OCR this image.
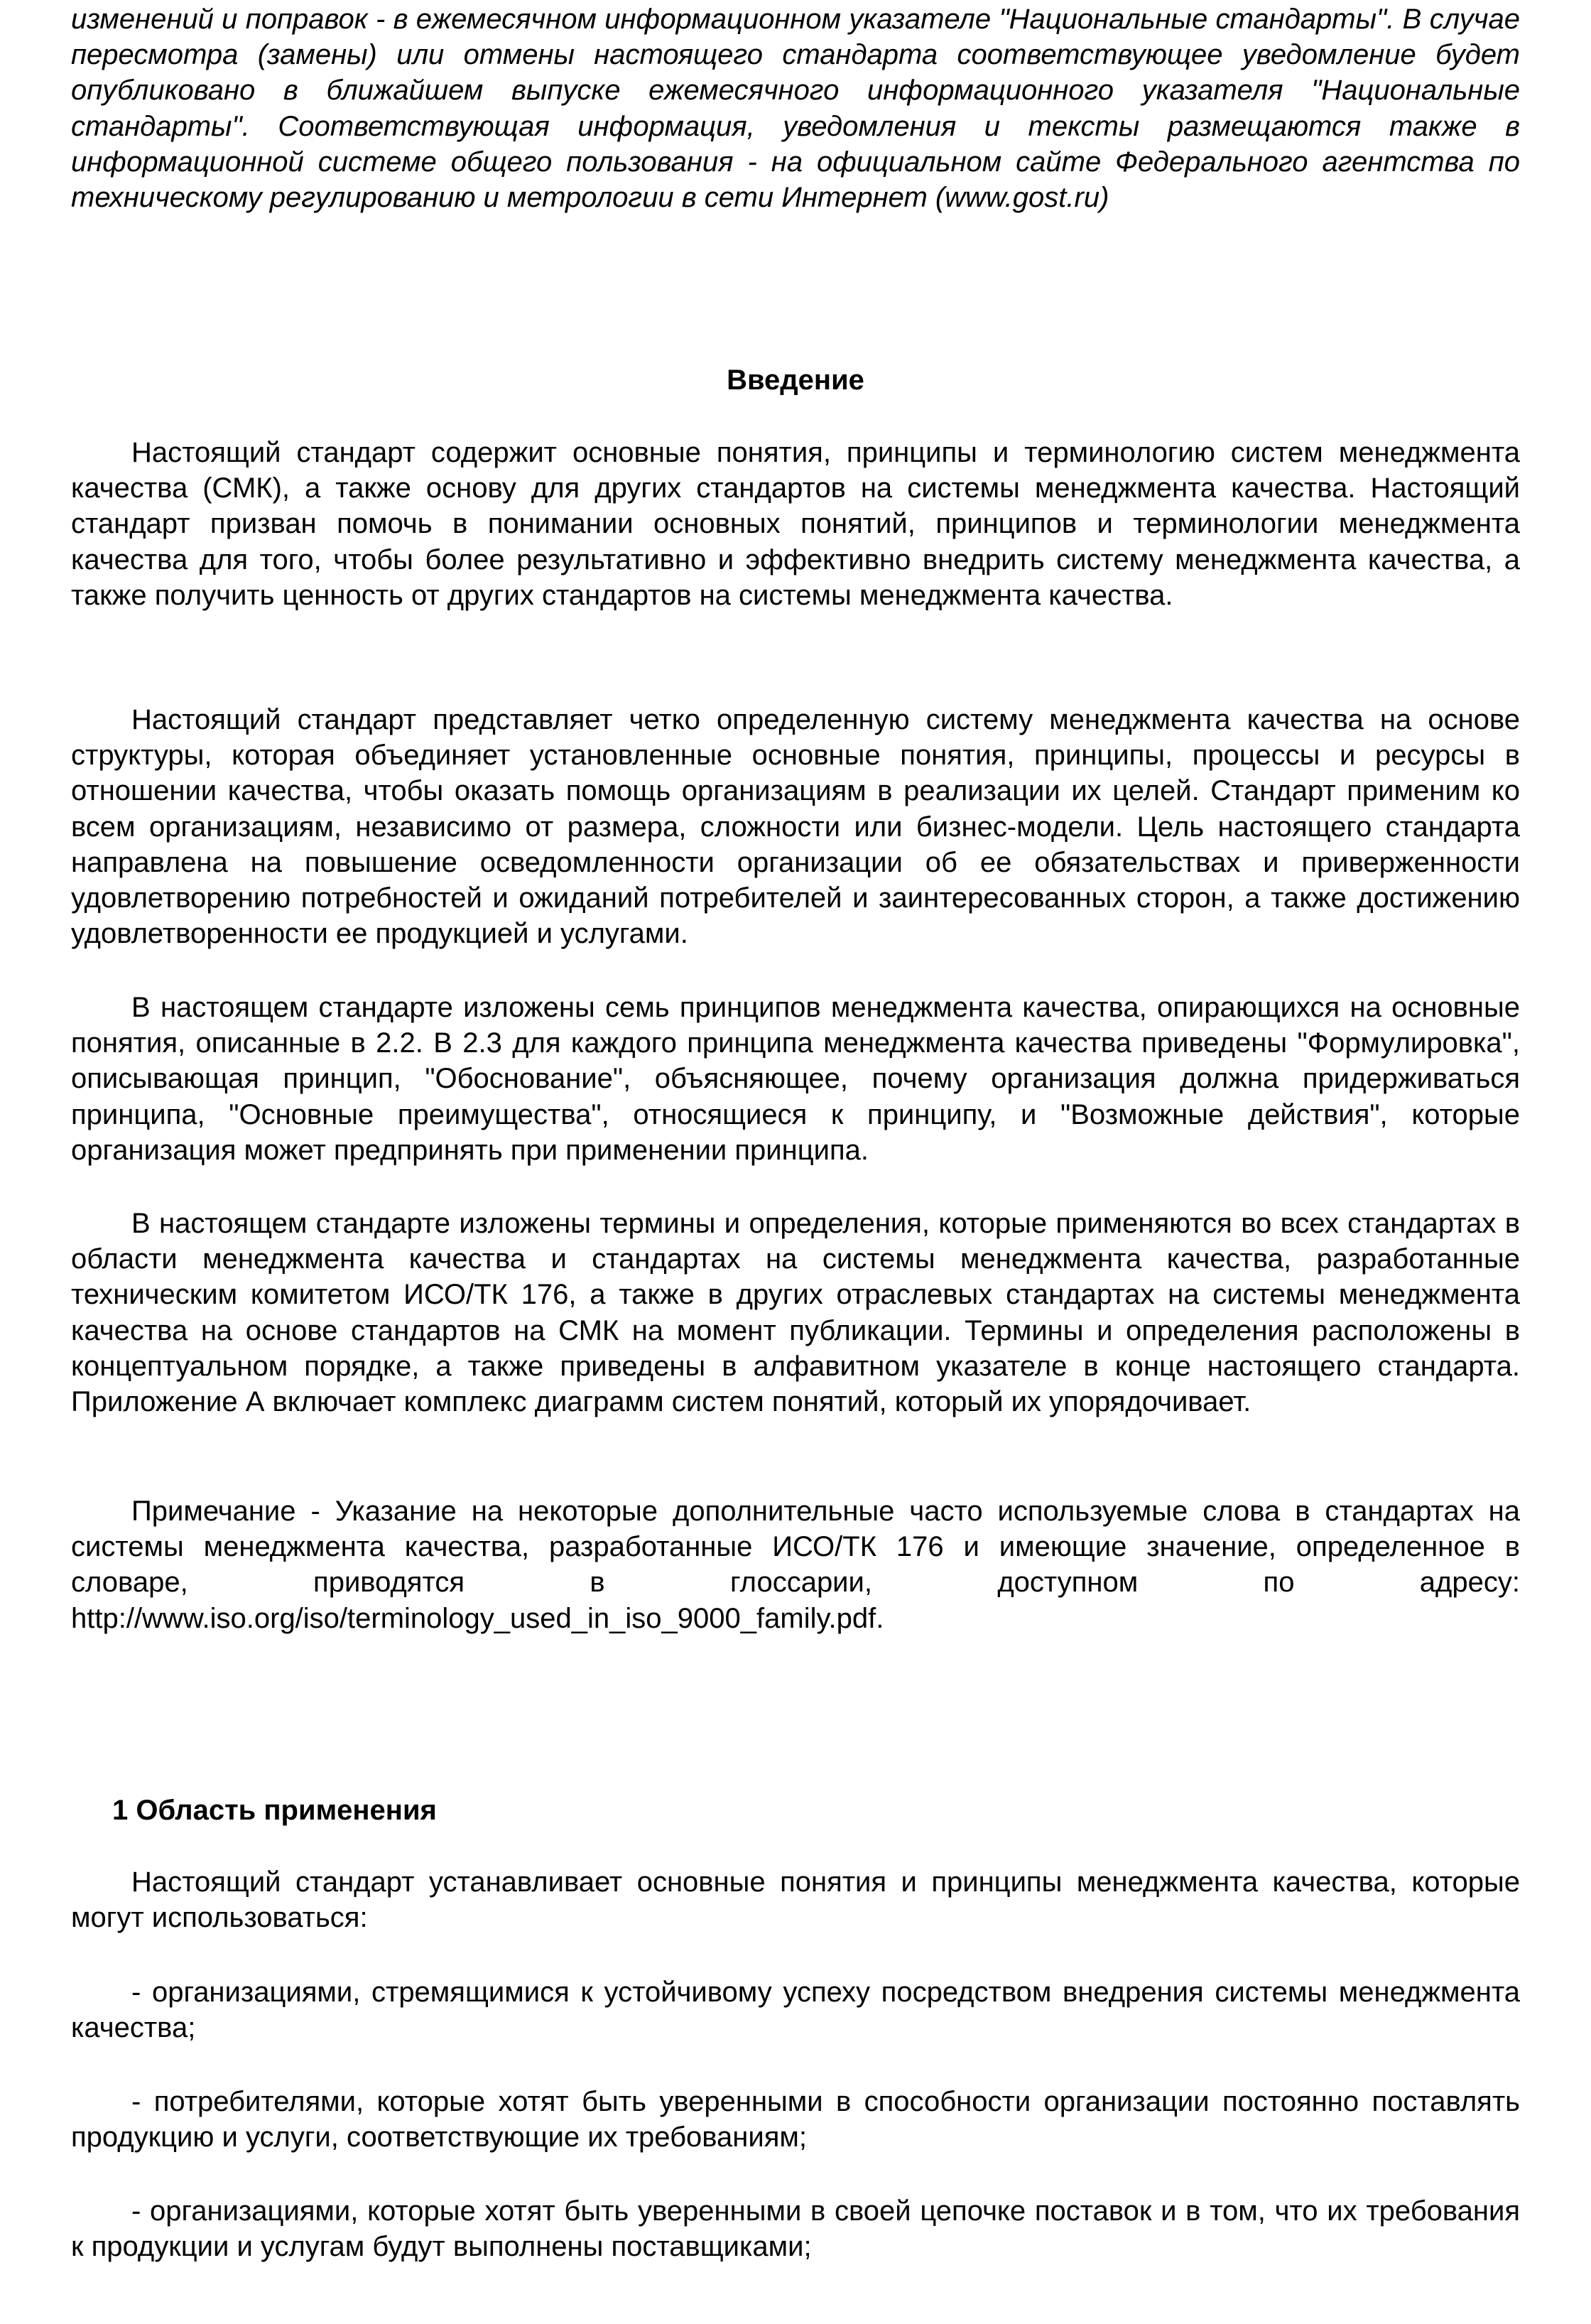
изменений и поправок - в ежемесячном информационном указателе "Национальные стандарты". В случае пересмотра (замены) или отмены настоящего стандарта соответствующее уведомление будет опубликовано в ближайшем выпуске ежемесячного информационного указателя "Национальные стандарты". Соответствующая информация, уведомления и тексты размещаются также в информационной системе общего пользования - на официальном сайте Федерального агентства по техническому регулированию и метрологии в сети Интернет (www.gost.ru)

Введение

Настоящий стандарт содержит основные понятия, принципы и терминологию систем менеджмента качества (СМК), а также основу для других стандартов на системы менеджмента качества. Настоящий стандарт призван помочь в понимании основных понятий, принципов и терминологии менеджмента качества для того, чтобы более результативно и эффективно внедрить систему менеджмента качества, а также получить ценность от других стандартов на системы менеджмента качества.

Настоящий стандарт представляет четко определенную систему менеджмента качества на основе структуры, которая объединяет установленные основные понятия, принципы, процессы и ресурсы в отношении качества, чтобы оказать помощь организациям в реализации их целей. Стандарт применим ко всем организациям, независимо от размера, сложности или бизнес-модели. Цель настоящего стандарта направлена на повышение осведомленности организации об ее обязательствах и приверженности удовлетворению потребностей и ожиданий потребителей и заинтересованных сторон, а также достижению удовлетворенности ее продукцией и услугами.

В настоящем стандарте изложены семь принципов менеджмента качества, опирающихся на основные понятия, описанные в 2.2. В 2.3 для каждого принципа менеджмента качества приведены "Формулировка", описывающая принцип, "Обоснование", объясняющее, почему организация должна придерживаться принципа, "Основные преимущества", относящиеся к принципу, и "Возможные действия", которые организация может предпринять при применении принципа.

В настоящем стандарте изложены термины и определения, которые применяются во всех стандартах в области менеджмента качества и стандартах на системы менеджмента качества, разработанные техническим комитетом ИСО/ТК 176, а также в других отраслевых стандартах на системы менеджмента качества на основе стандартов на СМК на момент публикации. Термины и определения расположены в концептуальном порядке, а также приведены в алфавитном указателе в конце настоящего стандарта. Приложение А включает комплекс диаграмм систем понятий, который их упорядочивает.

Примечание - Указание на некоторые дополнительные часто используемые слова в стандартах на системы менеджмента качества, разработанные ИСО/ТК 176 и имеющие значение, определенное в словаре, приводятся в глоссарии, доступном по адресу:

http://www.iso.org/iso/terminology_used_in_iso_9000_family.pdf.

1 Область применения

Настоящий стандарт устанавливает основные понятия и принципы менеджмента качества, которые могут использоваться:

- организациями, стремящимися к устойчивому успеху посредством внедрения системы менеджмента качества;

- потребителями, которые хотят быть уверенными в способности организации постоянно поставлять продукцию и услуги, соответствующие их требованиям;

- организациями, которые хотят быть уверенными в своей цепочке поставок и в том, что их требования к продукции и услугам будут выполнены поставщиками;
